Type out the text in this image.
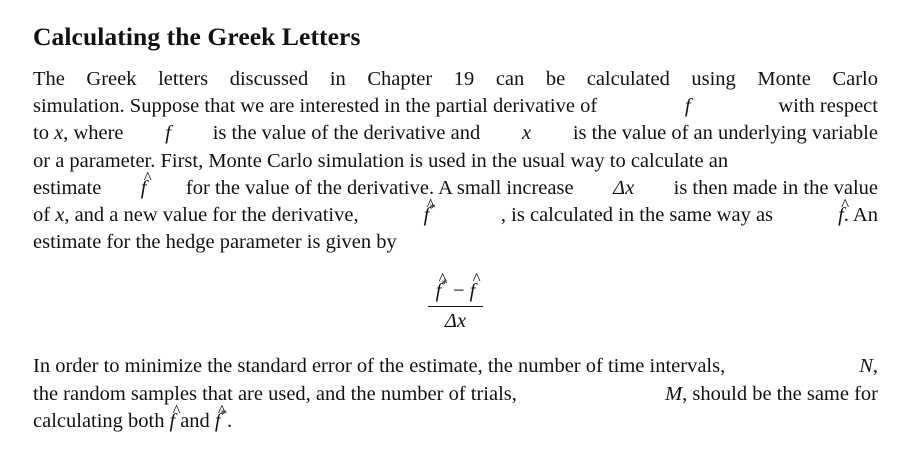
Calculating the Greek Letters
The Greek letters discussed in Chapter 19 can be calculated using Monte Carlo
simulation. Suppose that we are interested in the partial derivative of	f	with respect
to x, where f is the value of the derivative and x is the value of an underlying variable
or a parameter. First, Monte Carlo simulation is used in the usual way to calculate an
estimate ^ f for the value of the derivative. A small increase Δx is then made in the value
of x, and a new value for the derivative,	^ f*	, is calculated in the same way as	^ f. An
estimate for the hedge parameter is given by
^ $\frac{f^* - \^{} f}{\Delta x}$
In order to minimize the standard error of the estimate, the number of time intervals,	N,
the random samples that are used, and the number of trials,	M, should be the same for
calculating both ^ f and ^ f*.
